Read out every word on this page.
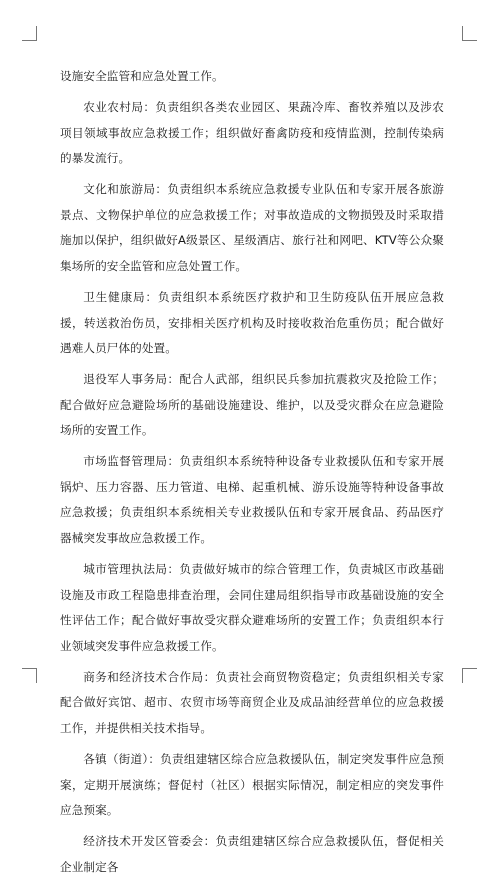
设施安全监管和应急处置工作。

农业农村局：负责组织各类农业园区、果蔬冷库、畜牧养殖以及涉农项目领域事故应急救援工作；组织做好畜禽防疫和疫情监测，控制传染病的暴发流行。

文化和旅游局：负责组织本系统应急救援专业队伍和专家开展各旅游景点、文物保护单位的应急救援工作；对事故造成的文物损毁及时采取措施加以保护，组织做好A级景区、星级酒店、旅行社和网吧、KTV等公众聚集场所的安全监管和应急处置工作。

卫生健康局：负责组织本系统医疗救护和卫生防疫队伍开展应急救援，转送救治伤员，安排相关医疗机构及时接收救治危重伤员；配合做好遇难人员尸体的处置。

退役军人事务局：配合人武部，组织民兵参加抗震救灾及抢险工作；配合做好应急避险场所的基础设施建设、维护，以及受灾群众在应急避险场所的安置工作。

市场监督管理局：负责组织本系统特种设备专业救援队伍和专家开展锅炉、压力容器、压力管道、电梯、起重机械、游乐设施等特种设备事故应急救援；负责组织本系统相关专业救援队伍和专家开展食品、药品医疗器械突发事故应急救援工作。

城市管理执法局：负责做好城市的综合管理工作，负责城区市政基础设施及市政工程隐患排查治理，会同住建局组织指导市政基础设施的安全性评估工作；配合做好事故受灾群众避难场所的安置工作；负责组织本行业领域突发事件应急救援工作。

商务和经济技术合作局：负责社会商贸物资稳定；负责组织相关专家配合做好宾馆、超市、农贸市场等商贸企业及成品油经营单位的应急救援工作，并提供相关技术指导。

各镇（街道）：负责组建辖区综合应急救援队伍，制定突发事件应急预案，定期开展演练；督促村（社区）根据实际情况，制定相应的突发事件应急预案。

经济技术开发区管委会：负责组建辖区综合应急救援队伍，督促相关企业制定各
